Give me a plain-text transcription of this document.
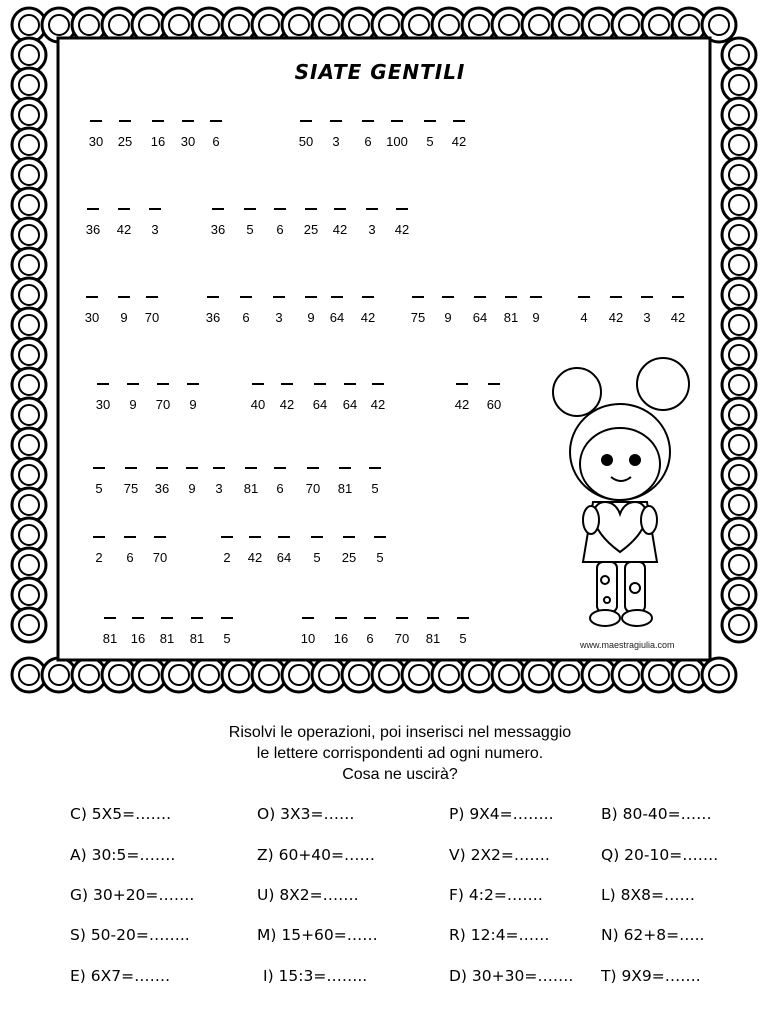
SIATE GENTILI
30	25	16	30	6	50	3	6	100	5	42
36	42	3	36	5	6	25	42	3	42
30	9	70	36	6	3	9	64	42	75	9	64	81	9	4	42	3	42
30	9	70	9	40	42	64	64	42	42	60
5	75	36	9	3	81	6	70	81	5
2	6	70	2	42	64	5	25	5
81	16	81	81	5	10	16	6	70	81	5	www.maestragiulia.com
Risolvi le operazioni, poi inserisci nel messaggio
le lettere corrispondenti ad ogni numero.
Cosa ne uscirà?
C) 5X5=…….	O) 3X3=……	P) 9X4=……..	B) 80-40=……
A) 30:5=…….	Z) 60+40=……	V) 2X2=…….	Q) 20-10=…….
G) 30+20=…….	U) 8X2=…….	F) 4:2=…….	L) 8X8=……
S) 50-20=……..	M) 15+60=……	R) 12:4=……	N) 62+8=…..
E) 6X7=…….	I) 15:3=……..	D) 30+30=……. T) 9X9=…….
